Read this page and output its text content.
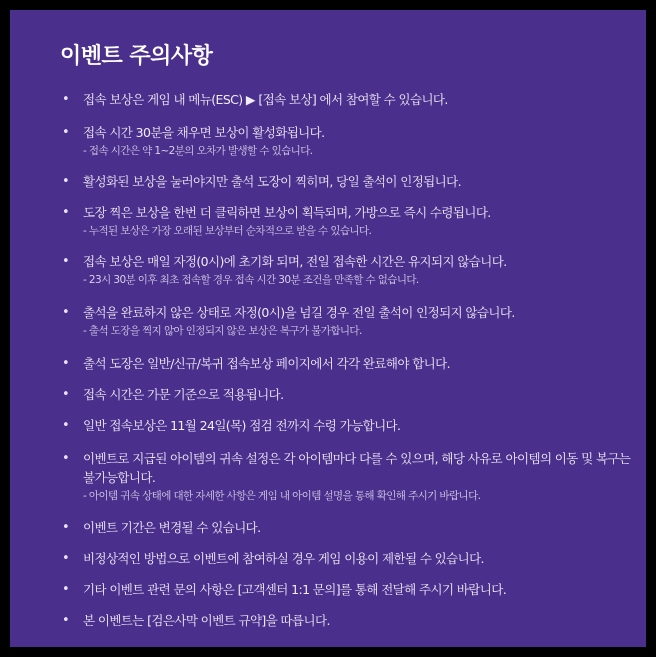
이벤트 주의사항
• 접속 보상은 게임 내 메뉴(ESC) ▶ [접속 보상] 에서 참여할 수 있습니다.
• 접속 시간 30분을 채우면 보상이 활성화됩니다.
- 접속 시간은 약 1~2분의 오차가 발생할 수 있습니다.
• 활성화된 보상을 눌러야지만 출석 도장이 찍히며, 당일 출석이 인정됩니다.
• 도장 찍은 보상을 한번 더 클릭하면 보상이 획득되며, 가방으로 즉시 수령됩니다.
- 누적된 보상은 가장 오래된 보상부터 순차적으로 받을 수 있습니다.
• 접속 보상은 매일 자정(0시)에 초기화 되며, 전일 접속한 시간은 유지되지 않습니다.
- 23시 30분 이후 최초 접속할 경우 접속 시간 30분 조건을 만족할 수 없습니다.
• 출석을 완료하지 않은 상태로 자정(0시)을 넘길 경우 전일 출석이 인정되지 않습니다.
- 출석 도장을 찍지 않아 인정되지 않은 보상은 복구가 불가합니다.
• 출석 도장은 일반/신규/복귀 접속보상 페이지에서 각각 완료해야 합니다.
• 접속 시간은 가문 기준으로 적용됩니다.
• 일반 접속보상은 11월 24일(목) 점검 전까지 수령 가능합니다.
• 이벤트로 지급된 아이템의 귀속 설정은 각 아이템마다 다를 수 있으며, 해당 사유로 아이템의 이동 및 복구는 불가능합니다.
- 아이템 귀속 상태에 대한 자세한 사항은 게임 내 아이템 설명을 통해 확인해 주시기 바랍니다.
• 이벤트 기간은 변경될 수 있습니다.
• 비정상적인 방법으로 이벤트에 참여하실 경우 게임 이용이 제한될 수 있습니다.
• 기타 이벤트 관련 문의 사항은 [고객센터 1:1 문의]를 통해 전달해 주시기 바랍니다.
• 본 이벤트는 [검은사막 이벤트 규약]을 따릅니다.
